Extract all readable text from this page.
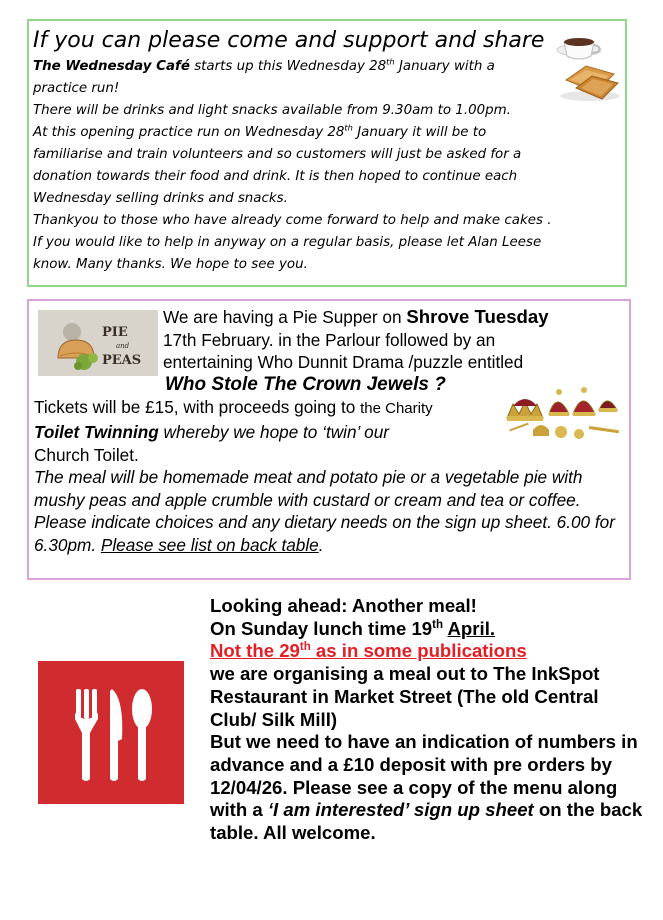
If you can please come and support and share

The Wednesday Café starts up this Wednesday 28th January with a practice run!

There will be drinks and light snacks available from 9.30am to 1.00pm.

At this opening practice run on Wednesday 28th January it will be to familiarise and train volunteers and so customers will just be asked for a donation towards their food and drink. It is then hoped to continue each Wednesday selling drinks and snacks.

Thankyou to those who have already come forward to help and make cakes .

If you would like to help in anyway on a regular basis, please let Alan Leese know. Many thanks. We hope to see you.

PIE
and
PEAS

We are having a Pie Supper on Shrove Tuesday

17th February. in the Parlour followed by an

entertaining Who Dunnit Drama /puzzle entitled

Who Stole The Crown Jewels ?

Tickets will be £15, with proceeds going to the Charity

Toilet Twinning whereby we hope to ‘twin’ our

Church Toilet.

The meal will be homemade meat and potato pie or a vegetable pie with mushy peas and apple crumble with custard or cream and tea or coffee. Please indicate choices and any dietary needs on the sign up sheet. 6.00 for 6.30pm. Please see list on back table.

Looking ahead: Another meal!

On Sunday lunch time 19th April.

Not the 29th as in some publications

we are organising a meal out to The InkSpot Restaurant in Market Street (The old Central Club/ Silk Mill)

But we need to have an indication of numbers in advance and a £10 deposit with pre orders by 12/04/26. Please see a copy of the menu along with a ‘I am interested’ sign up sheet on the back table. All welcome.
